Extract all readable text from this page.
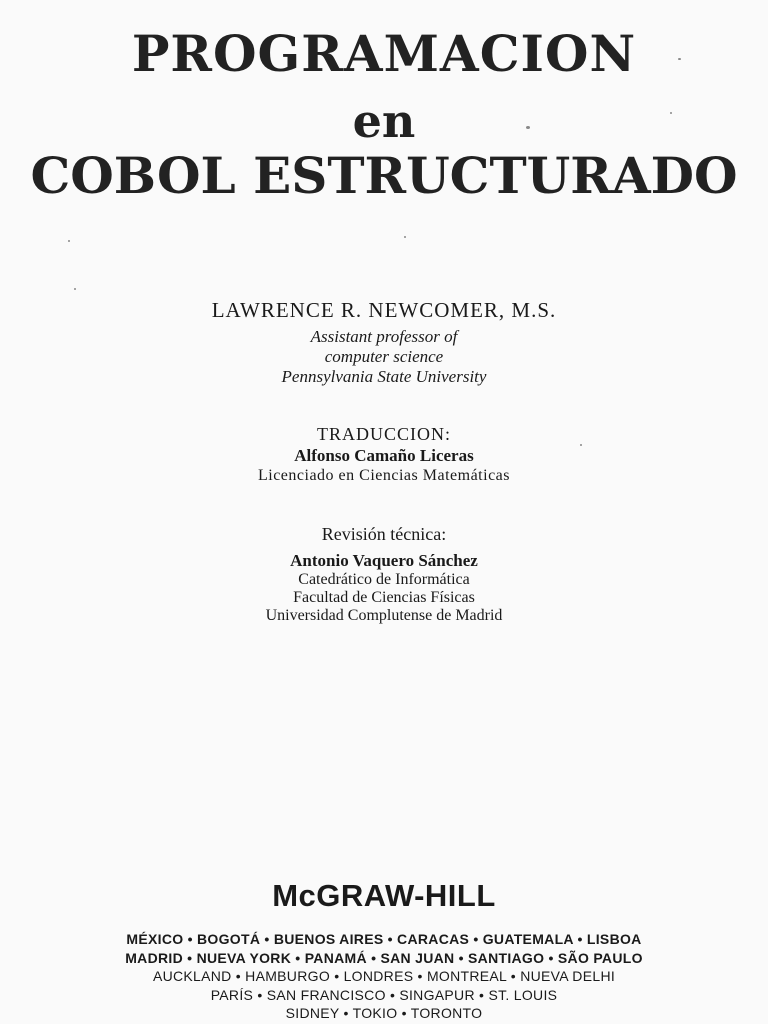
PROGRAMACION
en
COBOL ESTRUCTURADO
LAWRENCE R. NEWCOMER, M.S.
Assistant professor of
computer science
Pennsylvania State University
TRADUCCION:
Alfonso Camaño Liceras
Licenciado en Ciencias Matemáticas
Revisión técnica:
Antonio Vaquero Sánchez
Catedrático de Informática
Facultad de Ciencias Físicas
Universidad Complutense de Madrid
McGRAW-HILL
MÉXICO • BOGOTÁ • BUENOS AIRES • CARACAS • GUATEMALA • LISBOA
MADRID • NUEVA YORK • PANAMÁ • SAN JUAN • SANTIAGO • SÃO PAULO
AUCKLAND • HAMBURGO • LONDRES • MONTREAL • NUEVA DELHI
PARÍS • SAN FRANCISCO • SINGAPUR • ST. LOUIS
SIDNEY • TOKIO • TORONTO
